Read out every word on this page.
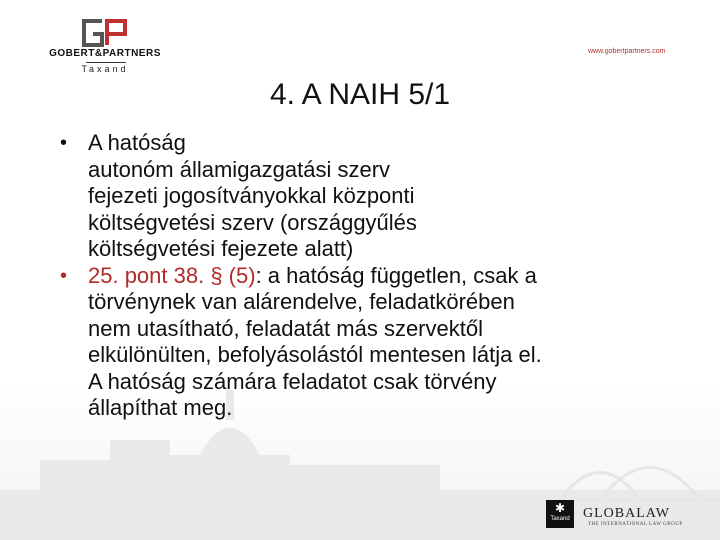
GOBERT&PARTNERS
Taxand
www.gobertpartners.com
4. A NAIH 5/1
• A hatóság
autonóm államigazgatási szerv
fejezeti jogosítványokkal központi
költségvetési szerv (országgyűlés
költségvetési fejezete alatt)
• 25. pont 38. § (5): a hatóság független, csak a
törvénynek van alárendelve, feladatkörében
nem utasítható, feladatát más szervektől
elkülönülten, befolyásolástól mentesen látja el.
A hatóság számára feladatot csak törvény
állapíthat meg.
✱
Taxand GLOBALAW
THE INTERNATIONAL LAW GROUP
